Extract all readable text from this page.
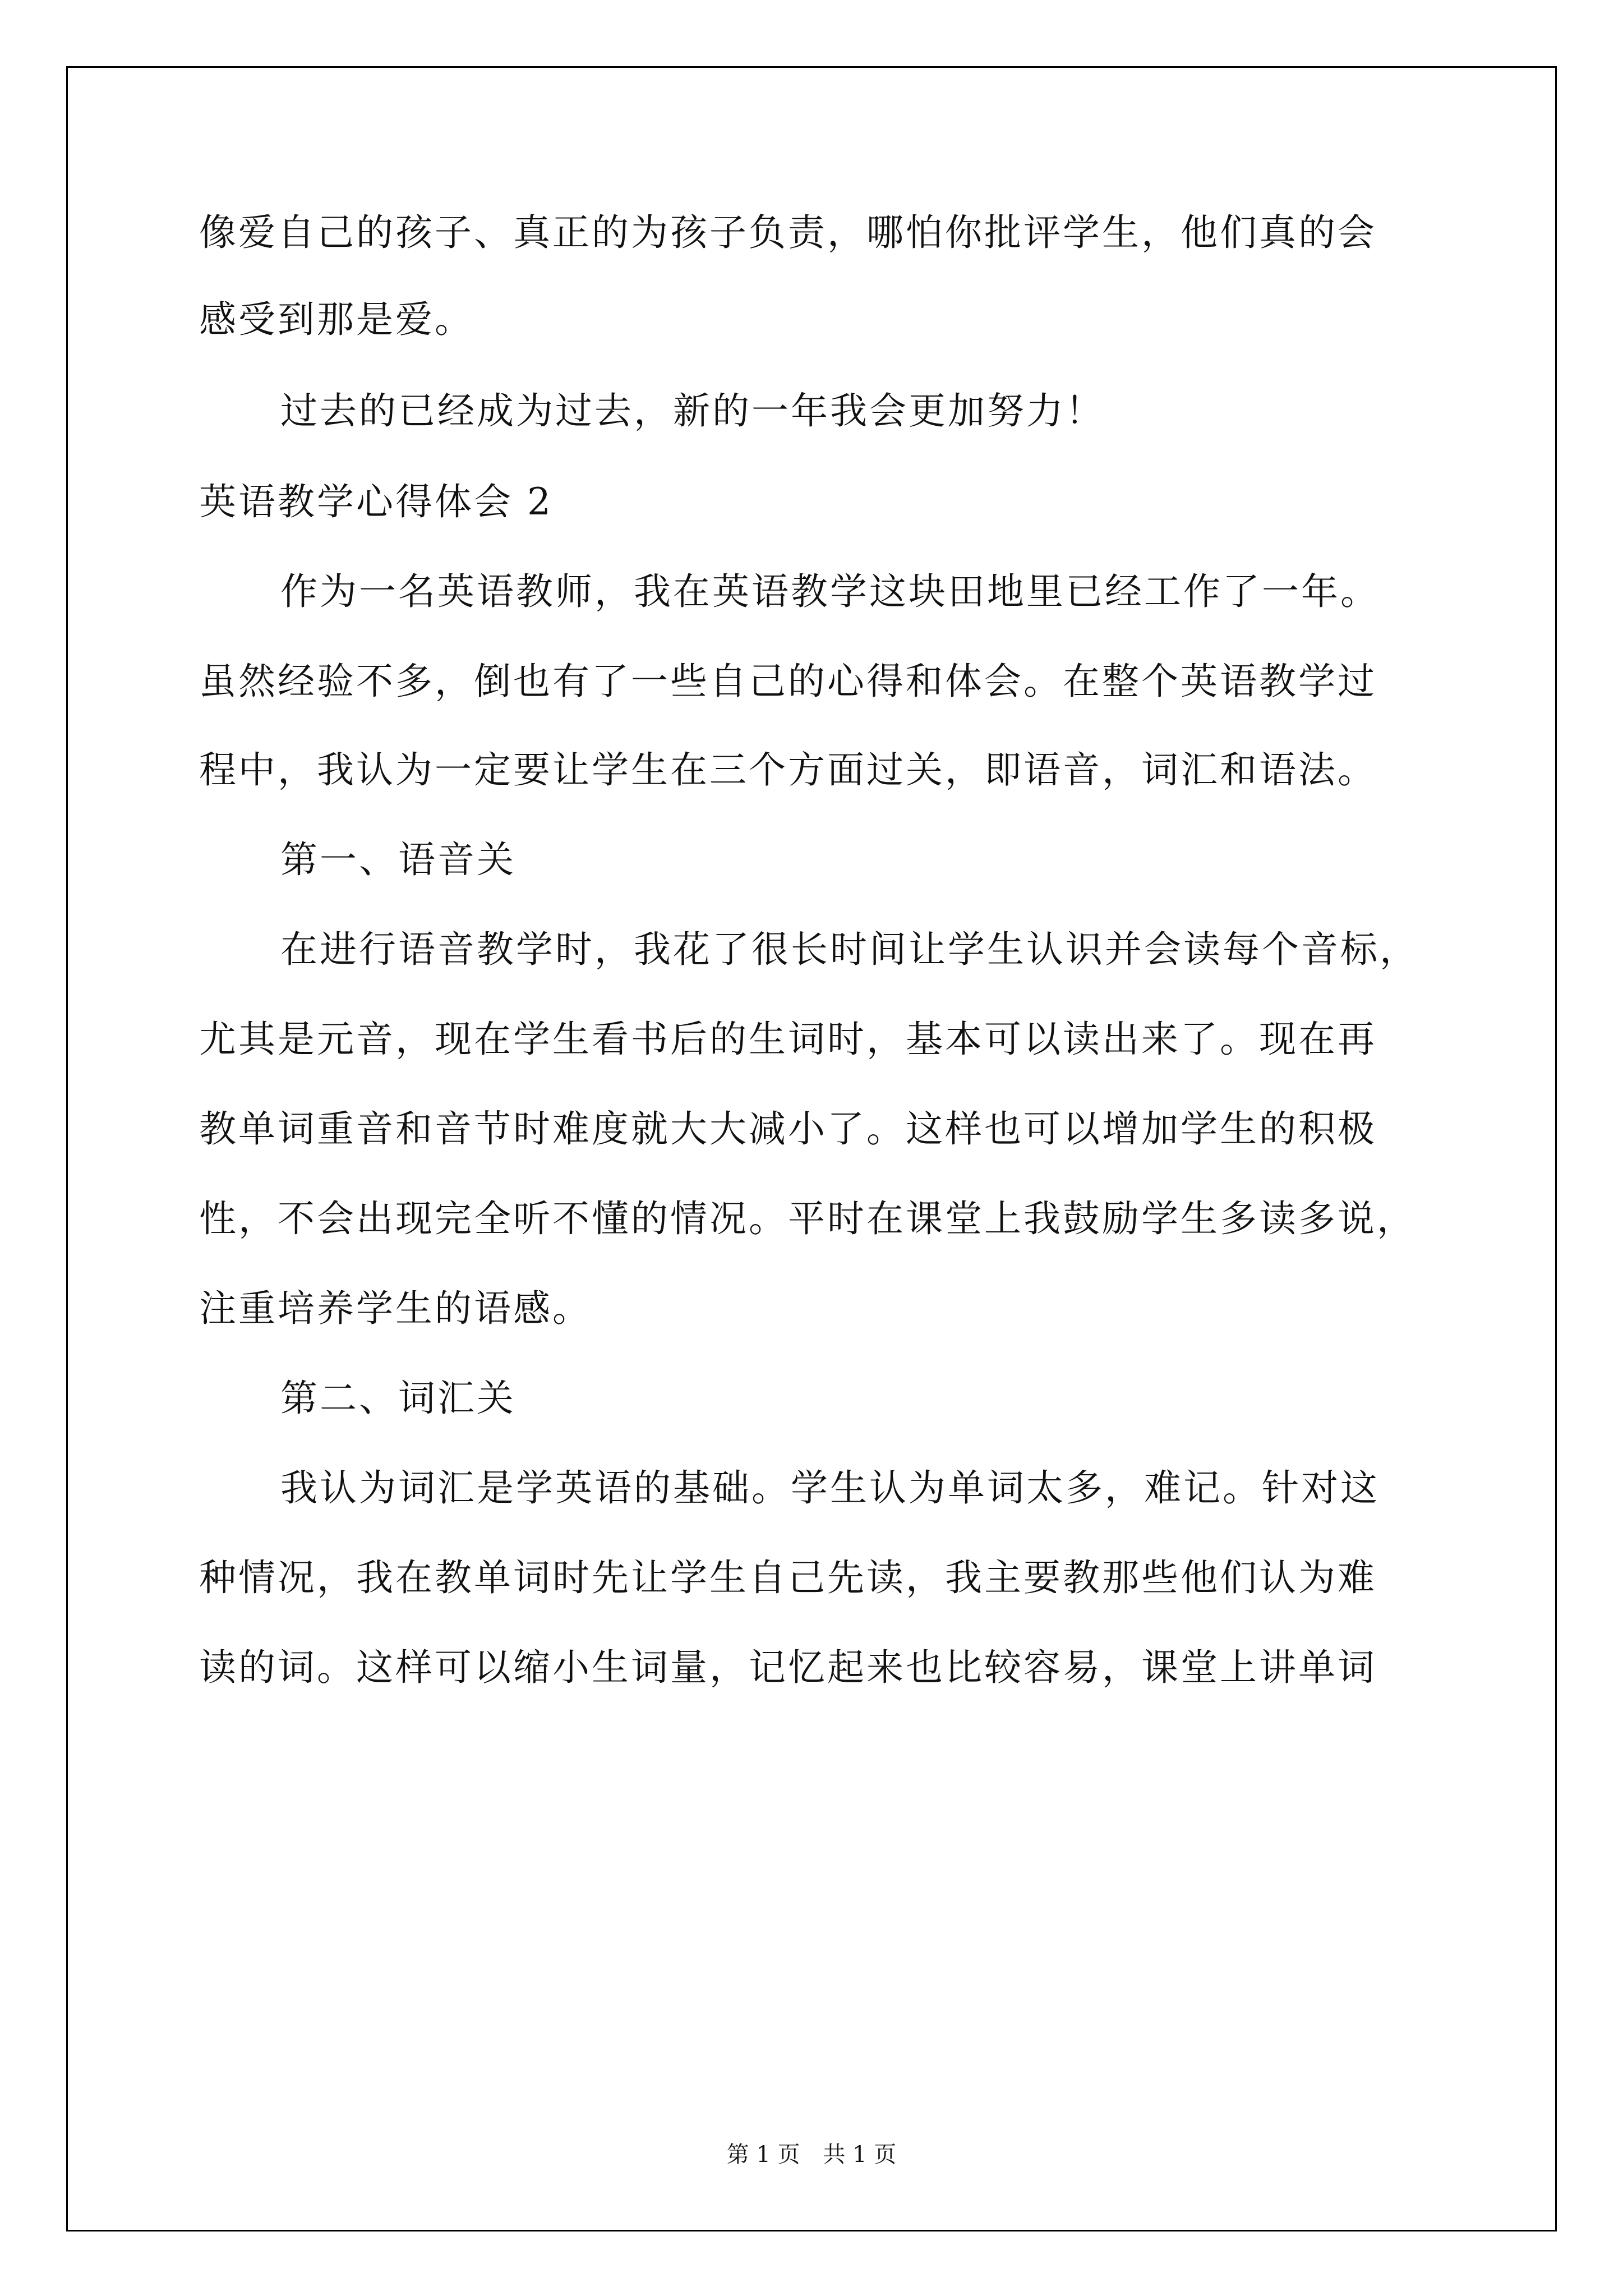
像爱自己的孩子、真正的为孩子负责，哪怕你批评学生，他们真的会
感受到那是爱。
过去的已经成为过去，新的一年我会更加努力！
英语教学心得体会 2
作为一名英语教师，我在英语教学这块田地里已经工作了一年。
虽然经验不多，倒也有了一些自己的心得和体会。在整个英语教学过
程中，我认为一定要让学生在三个方面过关，即语音，词汇和语法。
第一、语音关
在进行语音教学时，我花了很长时间让学生认识并会读每个音标，
尤其是元音，现在学生看书后的生词时，基本可以读出来了。现在再
教单词重音和音节时难度就大大减小了。这样也可以增加学生的积极
性，不会出现完全听不懂的情况。平时在课堂上我鼓励学生多读多说，
注重培养学生的语感。
第二、词汇关
我认为词汇是学英语的基础。学生认为单词太多，难记。针对这
种情况，我在教单词时先让学生自己先读，我主要教那些他们认为难
读的词。这样可以缩小生词量，记忆起来也比较容易，课堂上讲单词
第 1 页 共 1 页
